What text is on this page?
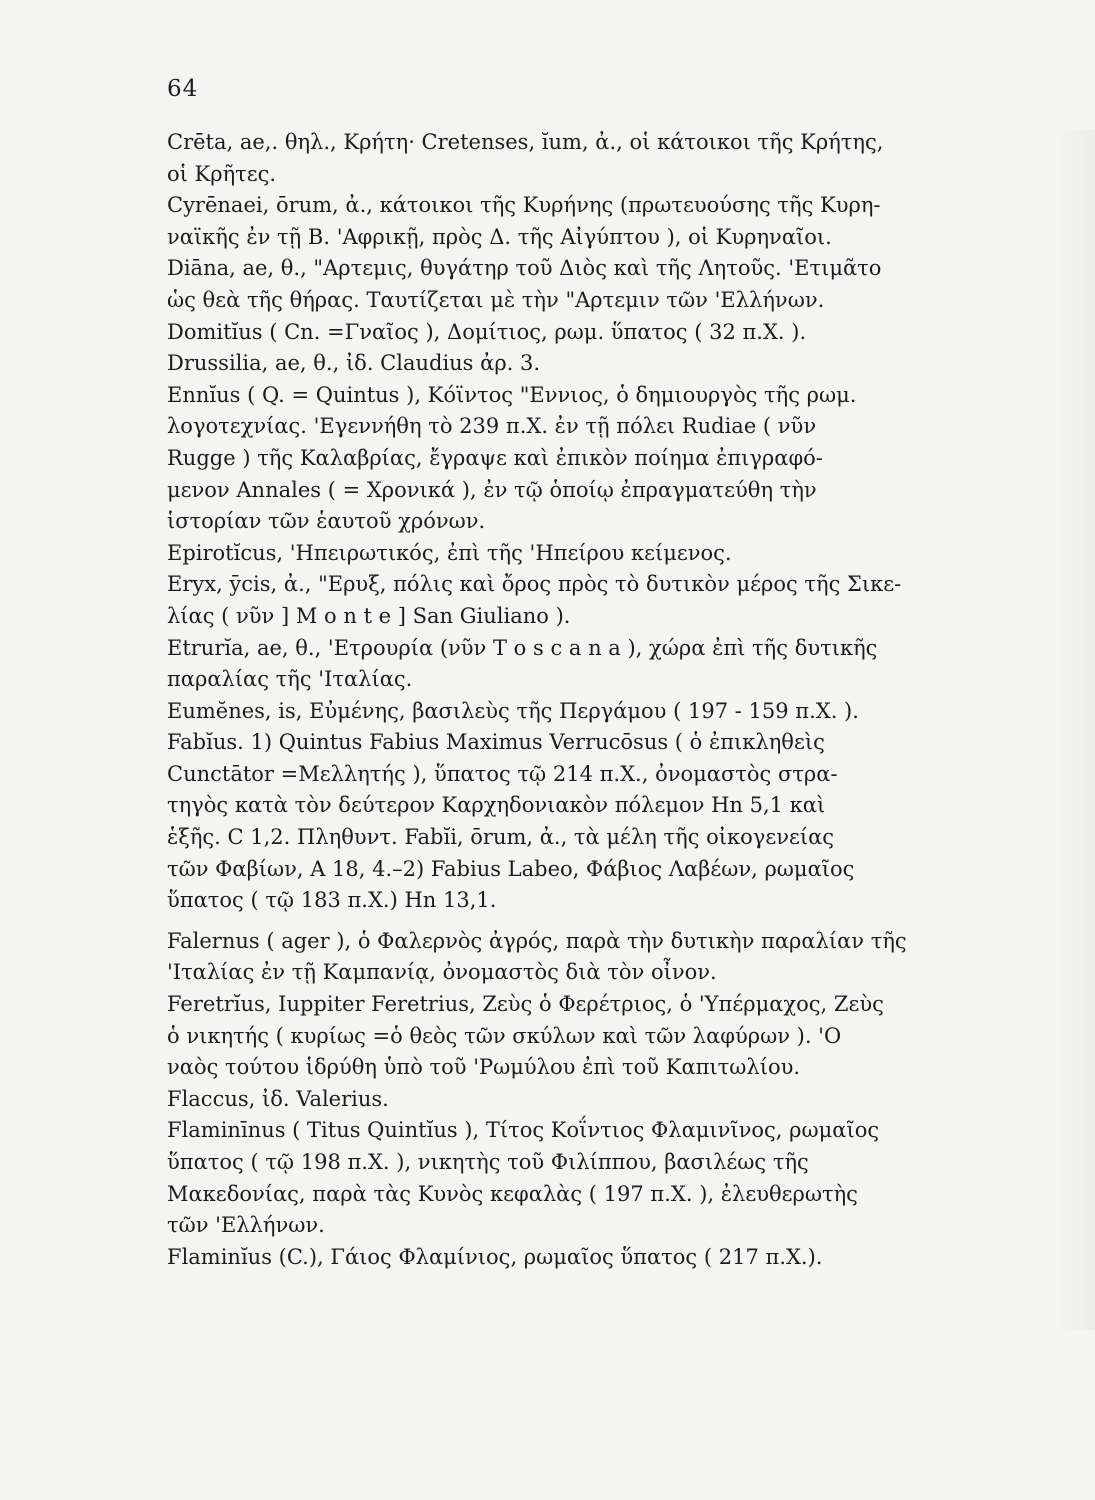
64

Crēta, ae,. θηλ., Κρήτη· Cretenses, ĭum, ἀ., οἱ κάτοικοι τῆς Κρήτης,
οἱ Κρῆτες.

Cyrēnaei, ōrum, ἀ., κάτοικοι τῆς Κυρήνης (πρωτευούσης τῆς Κυρη-
ναϊκῆς ἐν τῇ Β. 'Αφρικῇ, πρὸς Δ. τῆς Αἰγύπτου ), οἱ Κυρηναῖοι.

Diāna, ae, θ., "Αρτεμις, θυγάτηρ τοῦ Διὸς καὶ τῆς Λητοῦς. 'Ετιμᾶτο
ὡς θεὰ τῆς θήρας. Ταυτίζεται μὲ τὴν "Αρτεμιν τῶν 'Ελλήνων.

Domitĭus ( Cn. =Γναῖος ), Δομίτιος, ρωμ. ὕπατος ( 32 π.Χ. ).

Drussilia, ae, θ., ἰδ. Claudius ἀρ. 3.

Ennĭus ( Q. = Quintus ), Κόϊντος "Εννιος, ὁ δημιουργὸς τῆς ρωμ.
λογοτεχνίας. 'Εγεννήθη τὸ 239 π.Χ. ἐν τῇ πόλει Rudiae ( νῦν
Rugge ) τῆς Καλαβρίας, ἔγραψε καὶ ἐπικὸν ποίημα ἐπιγραφό-
μενον Annales ( = Χρονικά ), ἐν τῷ ὁποίῳ ἐπραγματεύθη τὴν
ἱστορίαν τῶν ἑαυτοῦ χρόνων.

Epirotĭcus, 'Ηπειρωτικός, ἐπὶ τῆς 'Ηπείρου κείμενος.

Eryx, ȳcis, ἀ., "Ερυξ, πόλις καὶ ὄρος πρὸς τὸ δυτικὸν μέρος τῆς Σικε-
λίας ( νῦν ] M o n t e ] San Giuliano ).

Etrurĭa, ae, θ., 'Ετρουρία (νῦν T o s c a n a ), χώρα ἐπὶ τῆς δυτικῆς
παραλίας τῆς 'Ιταλίας.

Eumĕnes, is, Εὐμένης, βασιλεὺς τῆς Περγάμου ( 197 - 159 π.Χ. ).

Fabĭus. 1) Quintus Fabius Maximus Verrucōsus ( ὁ ἐπικληθεὶς
Cunctātor =Μελλητής ), ὕπατος τῷ 214 π.Χ., ὀνομαστὸς στρα-
τηγὸς κατὰ τὸν δεύτερον Καρχηδονιακὸν πόλεμον Hn 5,1 καὶ
ἑξῆς. C 1,2. Πληθυντ. Fabĭi, ōrum, ἀ., τὰ μέλη τῆς οἰκογενείας
τῶν Φαβίων, A 18, 4.–2) Fabius Labeo, Φάβιος Λαβέων, ρωμαῖος
ὕπατος ( τῷ 183 π.Χ.) Hn 13,1.

Falernus ( ager ), ὁ Φαλερνὸς ἀγρός, παρὰ τὴν δυτικὴν παραλίαν τῆς
'Ιταλίας ἐν τῇ Καμπανίᾳ, ὀνομαστὸς διὰ τὸν οἶνον.

Feretrĭus, Iuppiter Feretrius, Ζεὺς ὁ Φερέτριος, ὁ 'Υπέρμαχος, Ζεὺς
ὁ νικητής ( κυρίως =ὁ θεὸς τῶν σκύλων καὶ τῶν λαφύρων ). 'Ο
ναὸς τούτου ἱδρύθη ὑπὸ τοῦ 'Ρωμύλου ἐπὶ τοῦ Καπιτωλίου.

Flaccus, ἰδ. Valerius.

Flaminīnus ( Titus Quintĭus ), Τίτος Κοΐντιος Φλαμινῖνος, ρωμαῖος
ὕπατος ( τῷ 198 π.Χ. ), νικητὴς τοῦ Φιλίππου, βασιλέως τῆς
Μακεδονίας, παρὰ τὰς Κυνὸς κεφαλὰς ( 197 π.Χ. ), ἐλευθερωτὴς
τῶν 'Ελλήνων.

Flaminĭus (C.), Γάιος Φλαμίνιος, ρωμαῖος ὕπατος ( 217 π.Χ.).
